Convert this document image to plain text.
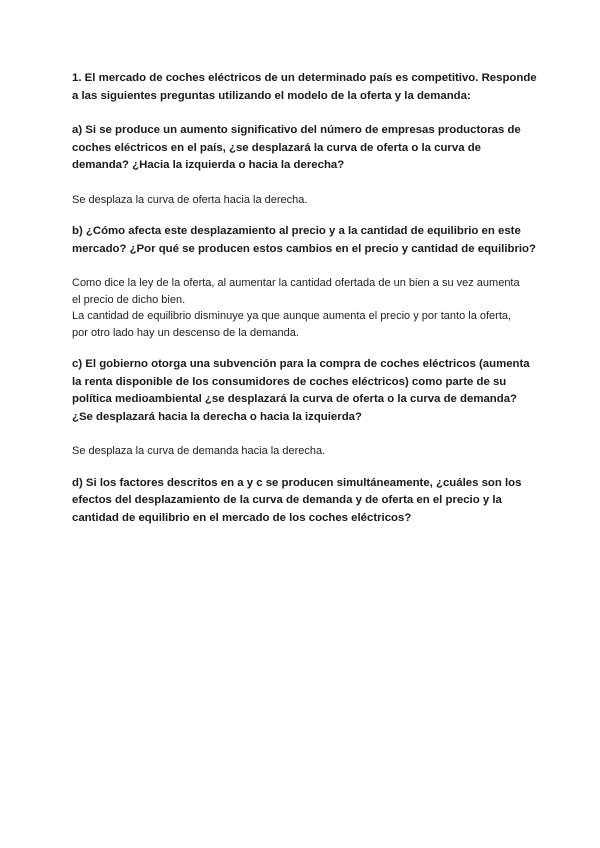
1. El mercado de coches eléctricos de un determinado país es competitivo. Responde
a las siguientes preguntas utilizando el modelo de la oferta y la demanda:

a) Si se produce un aumento significativo del número de empresas productoras de
coches eléctricos en el país, ¿se desplazará la curva de oferta o la curva de
demanda? ¿Hacia la izquierda o hacia la derecha?

Se desplaza la curva de oferta hacia la derecha.

b) ¿Cómo afecta este desplazamiento al precio y a la cantidad de equilibrio en este
mercado? ¿Por qué se producen estos cambios en el precio y cantidad de equilibrio?

Como dice la ley de la oferta, al aumentar la cantidad ofertada de un bien a su vez aumenta
el precio de dicho bien.
La cantidad de equilibrio disminuye ya que aunque aumenta el precio y por tanto la oferta,
por otro lado hay un descenso de la demanda.

c) El gobierno otorga una subvención para la compra de coches eléctricos (aumenta
la renta disponible de los consumidores de coches eléctricos) como parte de su
política medioambiental ¿se desplazará la curva de oferta o la curva de demanda?
¿Se desplazará hacia la derecha o hacia la izquierda?

Se desplaza la curva de demanda hacia la derecha.

d) Si los factores descritos en a y c se producen simultáneamente, ¿cuáles son los
efectos del desplazamiento de la curva de demanda y de oferta en el precio y la
cantidad de equilibrio en el mercado de los coches eléctricos?
